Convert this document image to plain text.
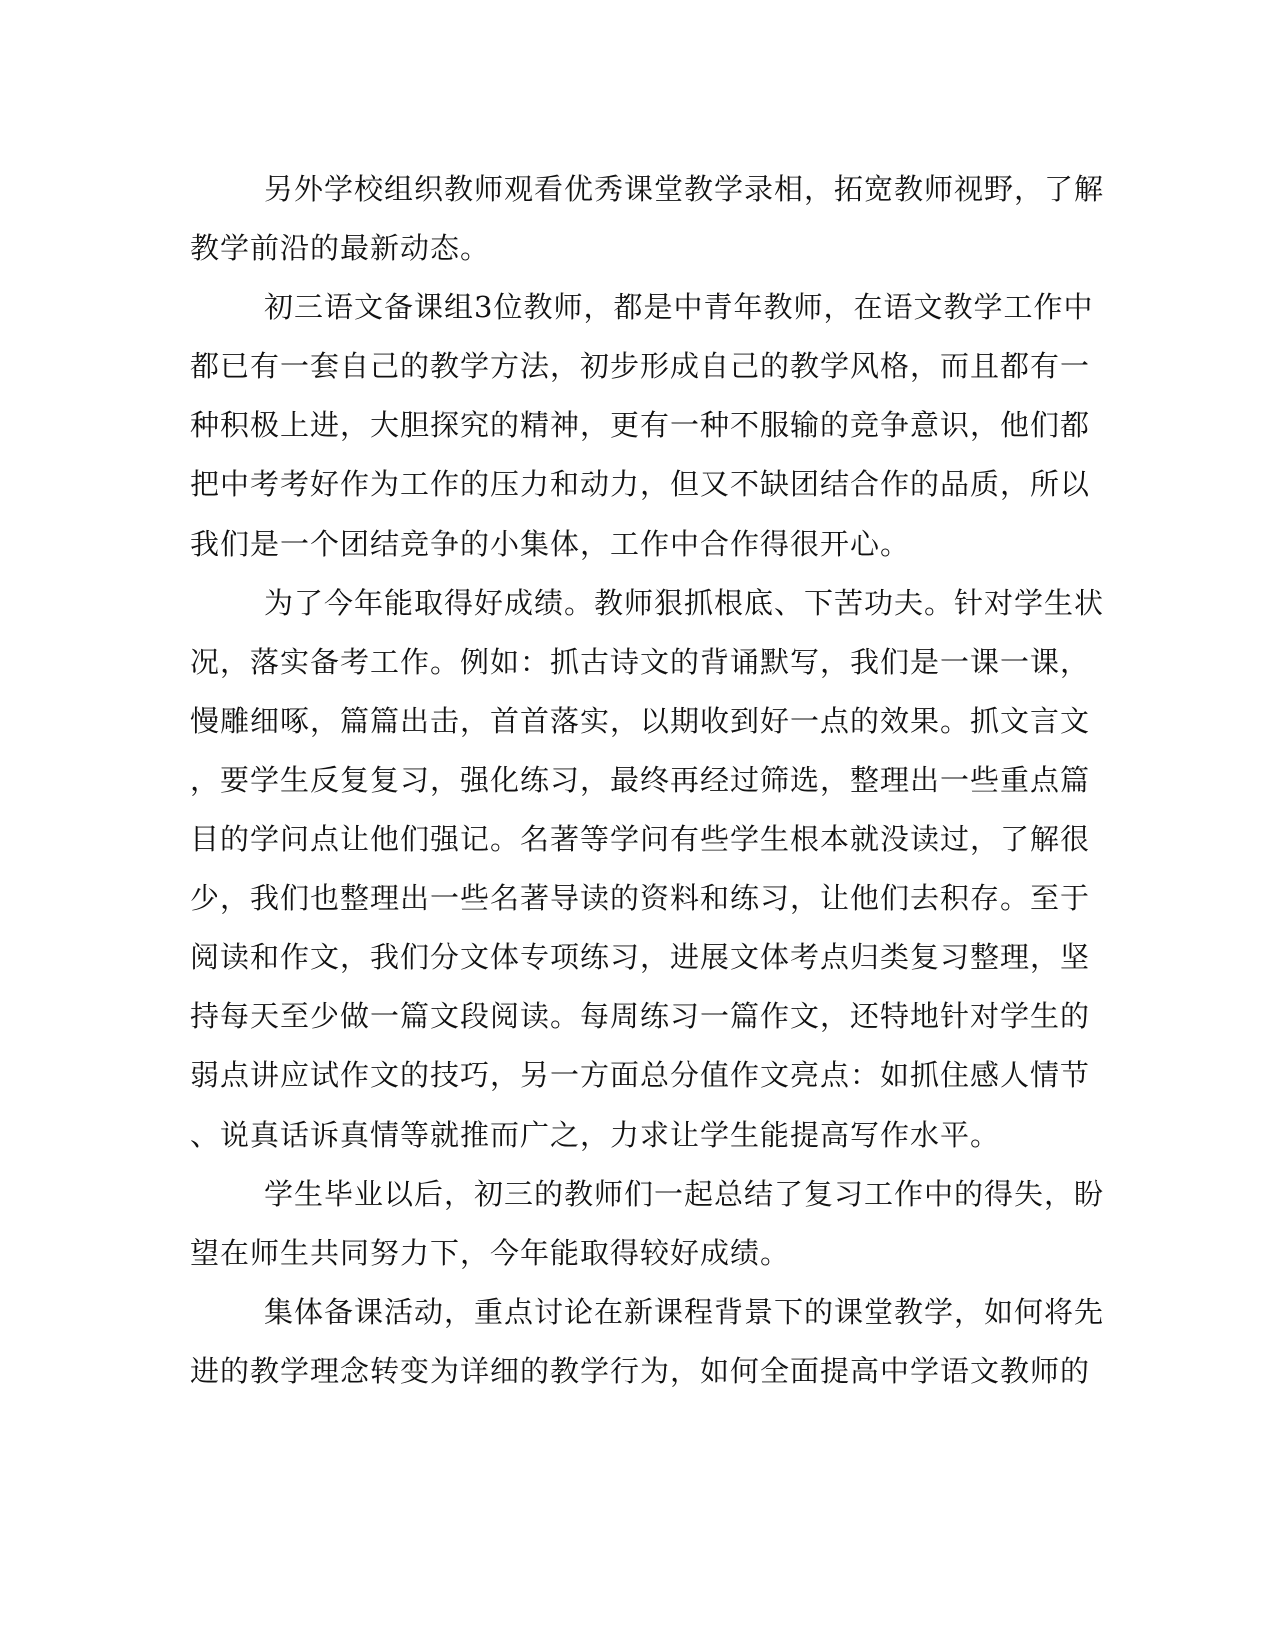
另外学校组织教师观看优秀课堂教学录相，拓宽教师视野，了解
教学前沿的最新动态。
初三语文备课组3位教师，都是中青年教师，在语文教学工作中
都已有一套自己的教学方法，初步形成自己的教学风格，而且都有一
种积极上进，大胆探究的精神，更有一种不服输的竞争意识，他们都
把中考考好作为工作的压力和动力，但又不缺团结合作的品质，所以
我们是一个团结竞争的小集体，工作中合作得很开心。
为了今年能取得好成绩。教师狠抓根底、下苦功夫。针对学生状
况，落实备考工作。例如：抓古诗文的背诵默写，我们是一课一课，
慢雕细啄，篇篇出击，首首落实，以期收到好一点的效果。抓文言文
，要学生反复复习，强化练习，最终再经过筛选，整理出一些重点篇
目的学问点让他们强记。名著等学问有些学生根本就没读过，了解很
少，我们也整理出一些名著导读的资料和练习，让他们去积存。至于
阅读和作文，我们分文体专项练习，进展文体考点归类复习整理，坚
持每天至少做一篇文段阅读。每周练习一篇作文，还特地针对学生的
弱点讲应试作文的技巧，另一方面总分值作文亮点：如抓住感人情节
、说真话诉真情等就推而广之，力求让学生能提高写作水平。
学生毕业以后，初三的教师们一起总结了复习工作中的得失，盼
望在师生共同努力下，今年能取得较好成绩。
集体备课活动，重点讨论在新课程背景下的课堂教学，如何将先
进的教学理念转变为详细的教学行为，如何全面提高中学语文教师的
